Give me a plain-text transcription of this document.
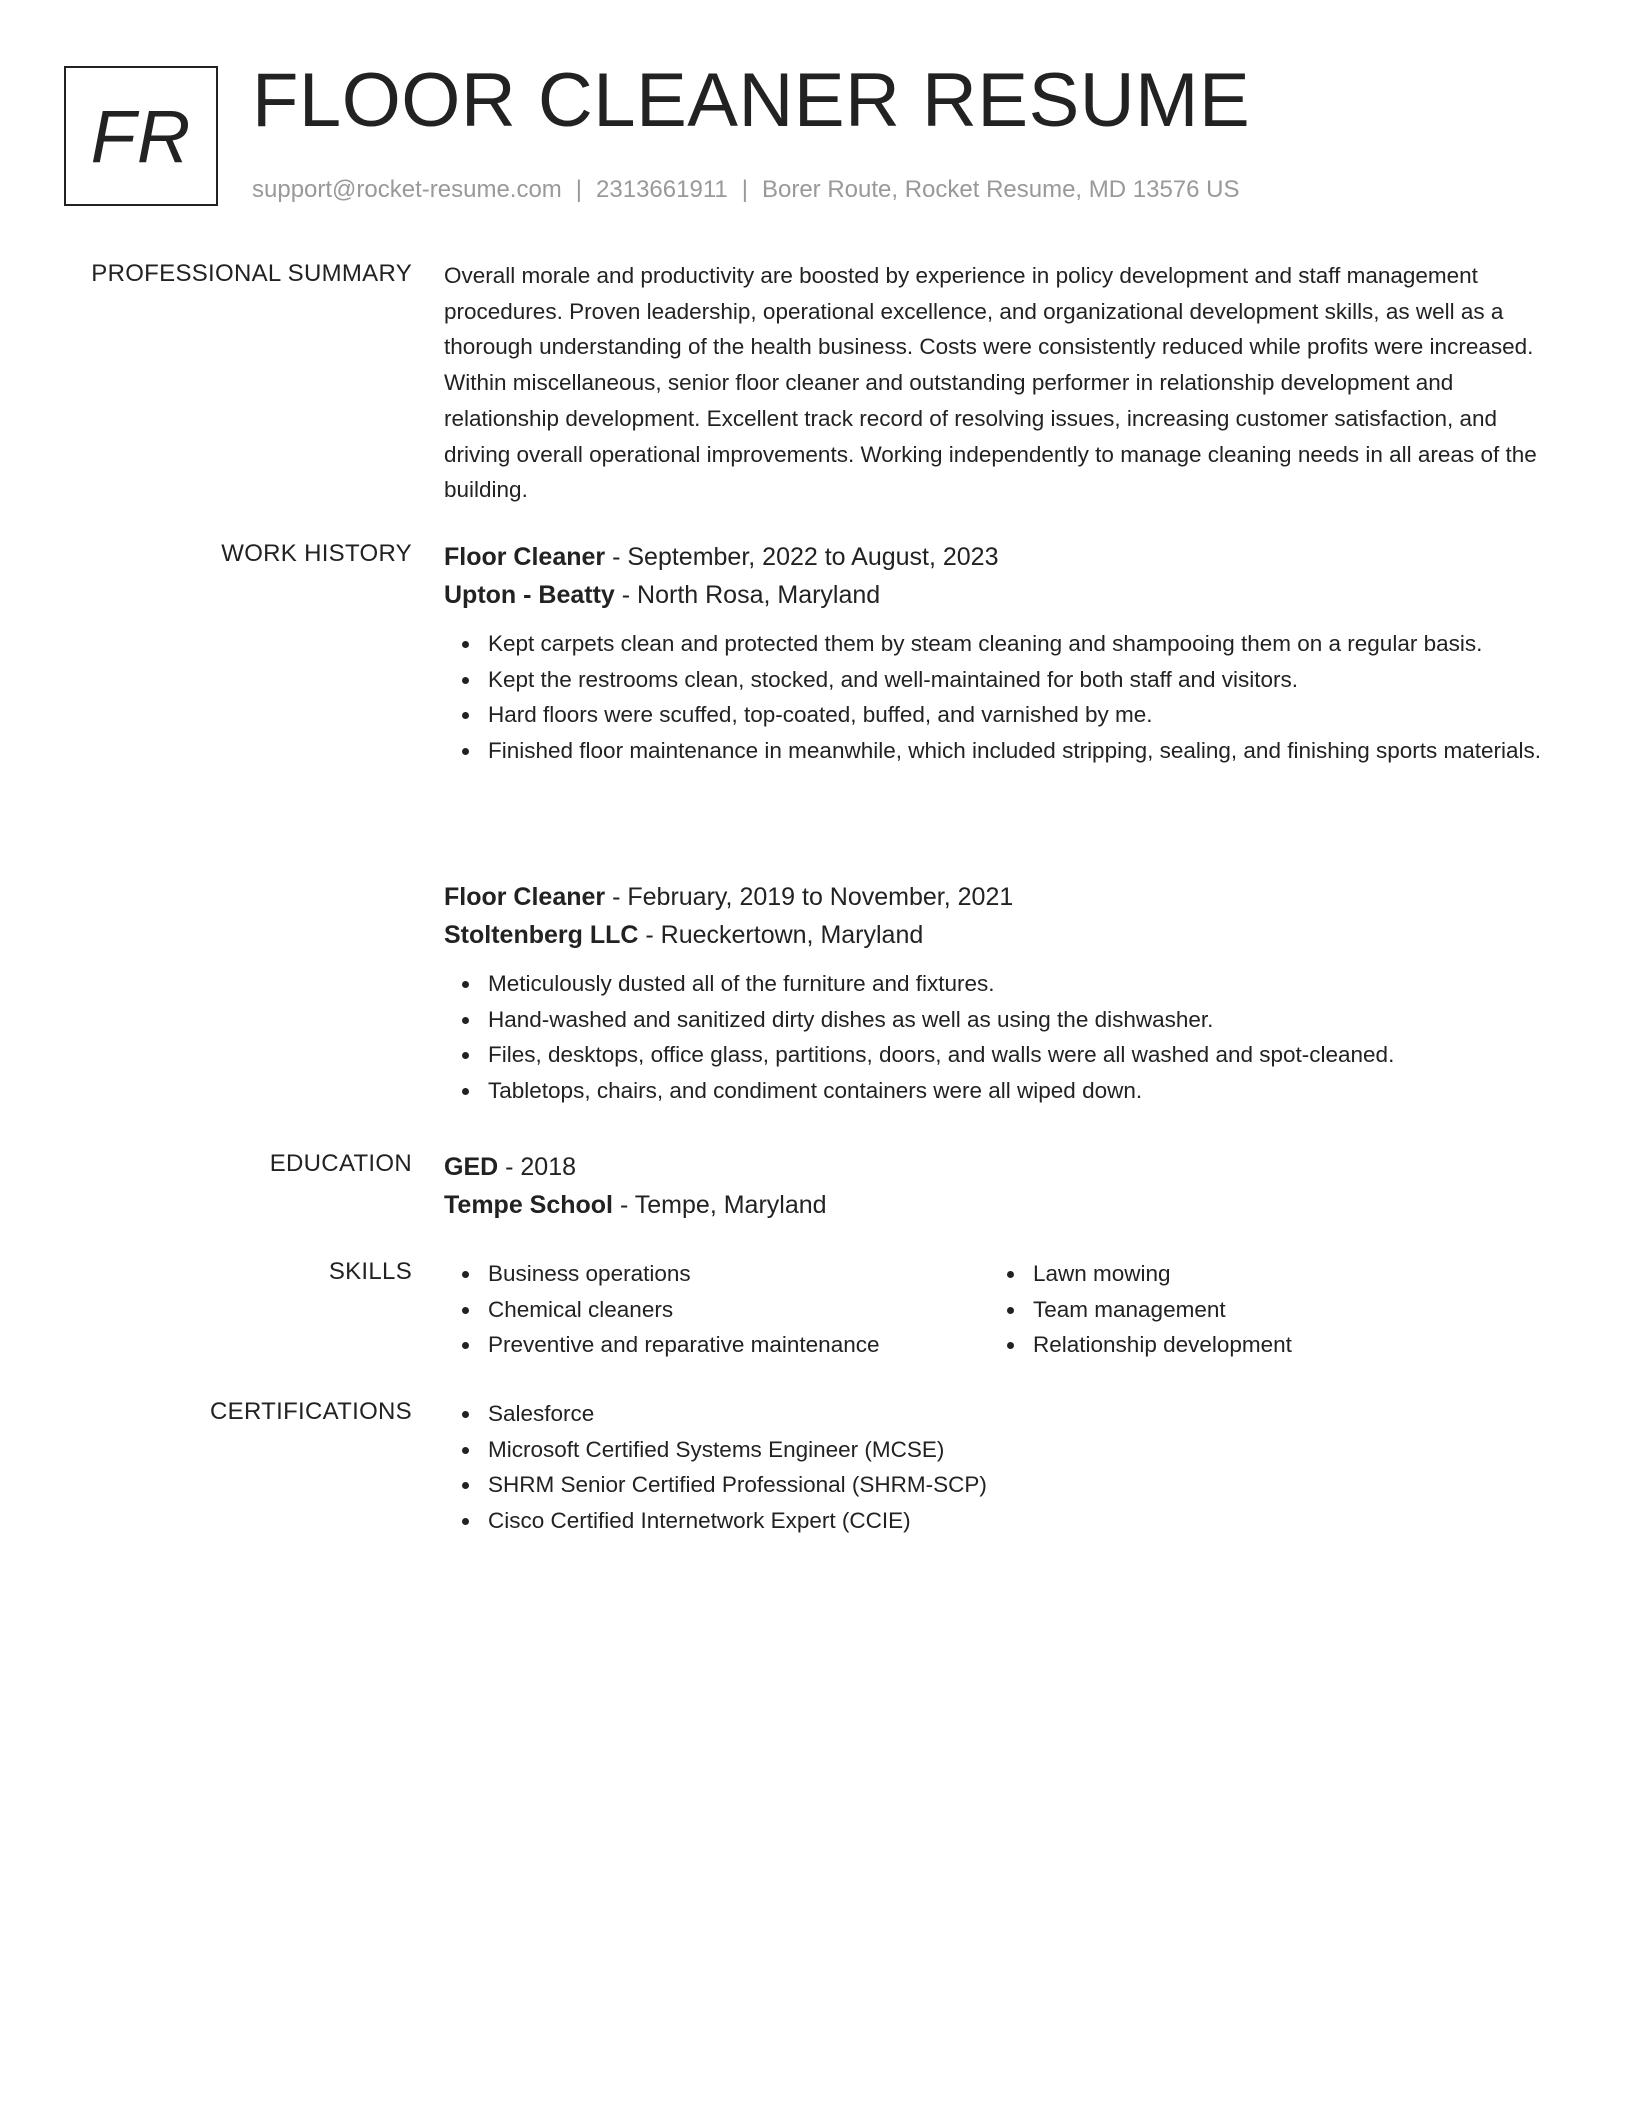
FR FLOOR CLEANER RESUME
support@rocket-resume.com | 2313661911 | Borer Route, Rocket Resume, MD 13576 US
PROFESSIONAL SUMMARY Overall morale and productivity are boosted by experience in policy development and staff management procedures. Proven leadership, operational excellence, and organizational development skills, as well as a thorough understanding of the health business. Costs were consistently reduced while profits were increased. Within miscellaneous, senior floor cleaner and outstanding performer in relationship development and relationship development. Excellent track record of resolving issues, increasing customer satisfaction, and driving overall operational improvements. Working independently to manage cleaning needs in all areas of the building.

WORK HISTORY Floor Cleaner - September, 2022 to August, 2023
Upton - Beatty - North Rosa, Maryland
Kept carpets clean and protected them by steam cleaning and shampooing them on a regular basis.
Kept the restrooms clean, stocked, and well-maintained for both staff and visitors.
Hard floors were scuffed, top-coated, buffed, and varnished by me.
Finished floor maintenance in meanwhile, which included stripping, sealing, and finishing sports materials.
Floor Cleaner - February, 2019 to November, 2021
Stoltenberg LLC - Rueckertown, Maryland
Meticulously dusted all of the furniture and fixtures.
Hand-washed and sanitized dirty dishes as well as using the dishwasher.
Files, desktops, office glass, partitions, doors, and walls were all washed and spot-cleaned.
Tabletops, chairs, and condiment containers were all wiped down.
EDUCATION GED - 2018
Tempe School - Tempe, Maryland
SKILLS	Business operations
Chemical cleaners
Preventive and reparative maintenance
Lawn mowing
Team management
Relationship development
CERTIFICATIONS	Salesforce
Microsoft Certified Systems Engineer (MCSE)
SHRM Senior Certified Professional (SHRM-SCP)
Cisco Certified Internetwork Expert (CCIE)
